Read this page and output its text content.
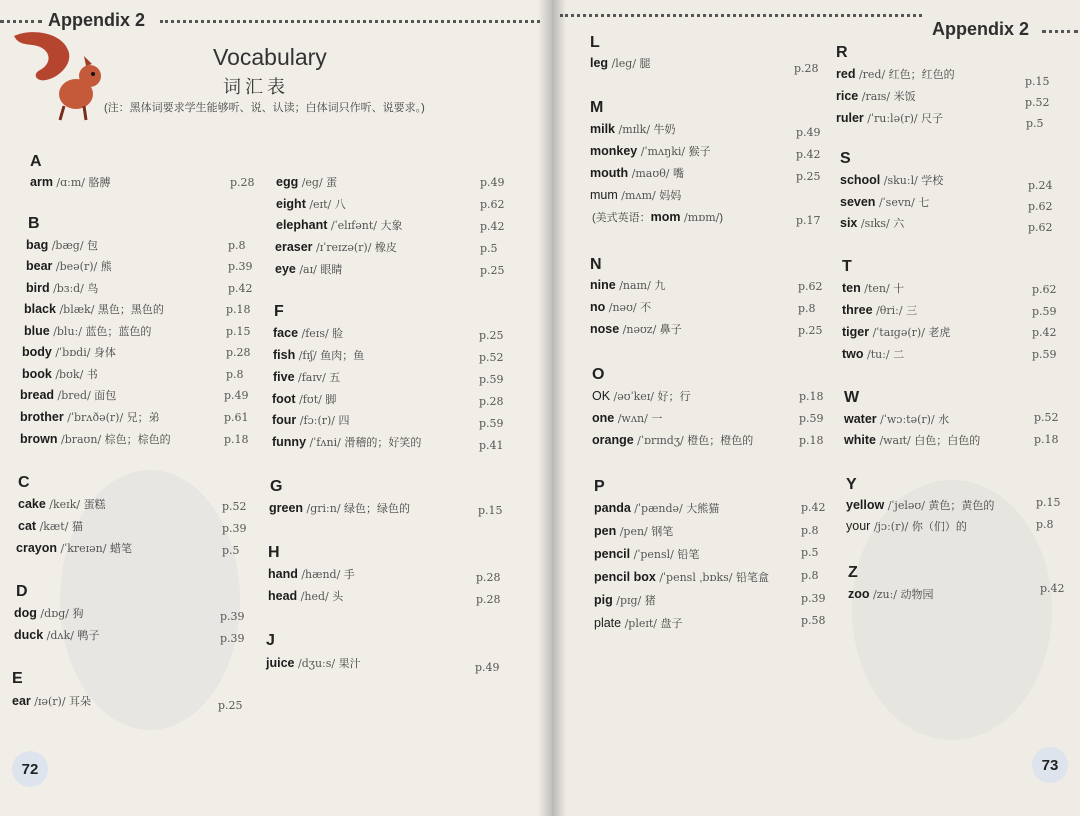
Appendix 2
Vocabulary
词汇表
(注：黑体词要求学生能够听、说、认读；白体词只作听、说要求。)
A
arm /ɑːm/ 胳膊	p.28
B
bag /bæg/ 包	p.8
bear /beə(r)/ 熊	p.39
bird /bɜːd/ 鸟	p.42
black /blæk/ 黑色；黑色的	p.18
blue /bluː/ 蓝色；蓝色的	p.15
body /ˈbɒdi/ 身体	p.28
book /bʊk/ 书	p.8
bread /bred/ 面包	p.49
brother /ˈbrʌðə(r)/ 兄；弟	p.61
brown /braʊn/ 棕色；棕色的	p.18
C
cake /keɪk/ 蛋糕	p.52
cat /kæt/ 猫	p.39
crayon /ˈkreɪən/ 蜡笔	p.5
D
dog /dɒg/ 狗	p.39
duck /dʌk/ 鸭子	p.39
E
ear /ɪə(r)/ 耳朵	p.25
egg /eg/ 蛋	p.49
eight /eɪt/ 八	p.62
elephant /ˈelɪfənt/ 大象	p.42
eraser /ɪˈreɪzə(r)/ 橡皮	p.5
eye /aɪ/ 眼睛	p.25
F
face /feɪs/ 脸	p.25
fish /fɪʃ/ 鱼肉；鱼	p.52
five /faɪv/ 五	p.59
foot /fʊt/ 脚	p.28
four /fɔː(r)/ 四	p.59
funny /ˈfʌni/ 滑稽的；好笑的	p.41
G
green /griːn/ 绿色；绿色的	p.15
H
hand /hænd/ 手	p.28
head /hed/ 头	p.28
J
juice /dʒuːs/ 果汁	p.49
72
Appendix 2
L
leg /leg/ 腿	p.28
M
milk /mɪlk/ 牛奶	p.49
monkey /ˈmʌŋki/ 猴子	p.42
mouth /maʊθ/ 嘴	p.25
mum /mʌm/ 妈妈
(美式英语：mom /mɒm/)	p.17
N
nine /naɪn/ 九	p.62
no /nəʊ/ 不	p.8
nose /nəʊz/ 鼻子	p.25
O
OK /əʊˈkeɪ/ 好；行	p.18
one /wʌn/ 一	p.59
orange /ˈɒrɪndʒ/ 橙色；橙色的	p.18
P
panda /ˈpændə/ 大熊猫	p.42
pen /pen/ 钢笔	p.8
pencil /ˈpensl/ 铅笔	p.5
pencil box /ˈpensl ˌbɒks/ 铅笔盒	p.8
pig /pɪg/ 猪	p.39
plate /pleɪt/ 盘子	p.58
R
red /red/ 红色；红色的	p.15
rice /raɪs/ 米饭	p.52
ruler /ˈruːlə(r)/ 尺子	p.5
S
school /skuːl/ 学校	p.24
seven /ˈsevn/ 七	p.62
six /sɪks/ 六	p.62
T
ten /ten/ 十	p.62
three /θriː/ 三	p.59
tiger /ˈtaɪgə(r)/ 老虎	p.42
two /tuː/ 二	p.59
W
water /ˈwɔːtə(r)/ 水	p.52
white /waɪt/ 白色；白色的	p.18
Y
yellow /ˈjeləʊ/ 黄色；黄色的	p.15
your /jɔː(r)/ 你（们）的	p.8
Z
zoo /zuː/ 动物园	p.42
73
